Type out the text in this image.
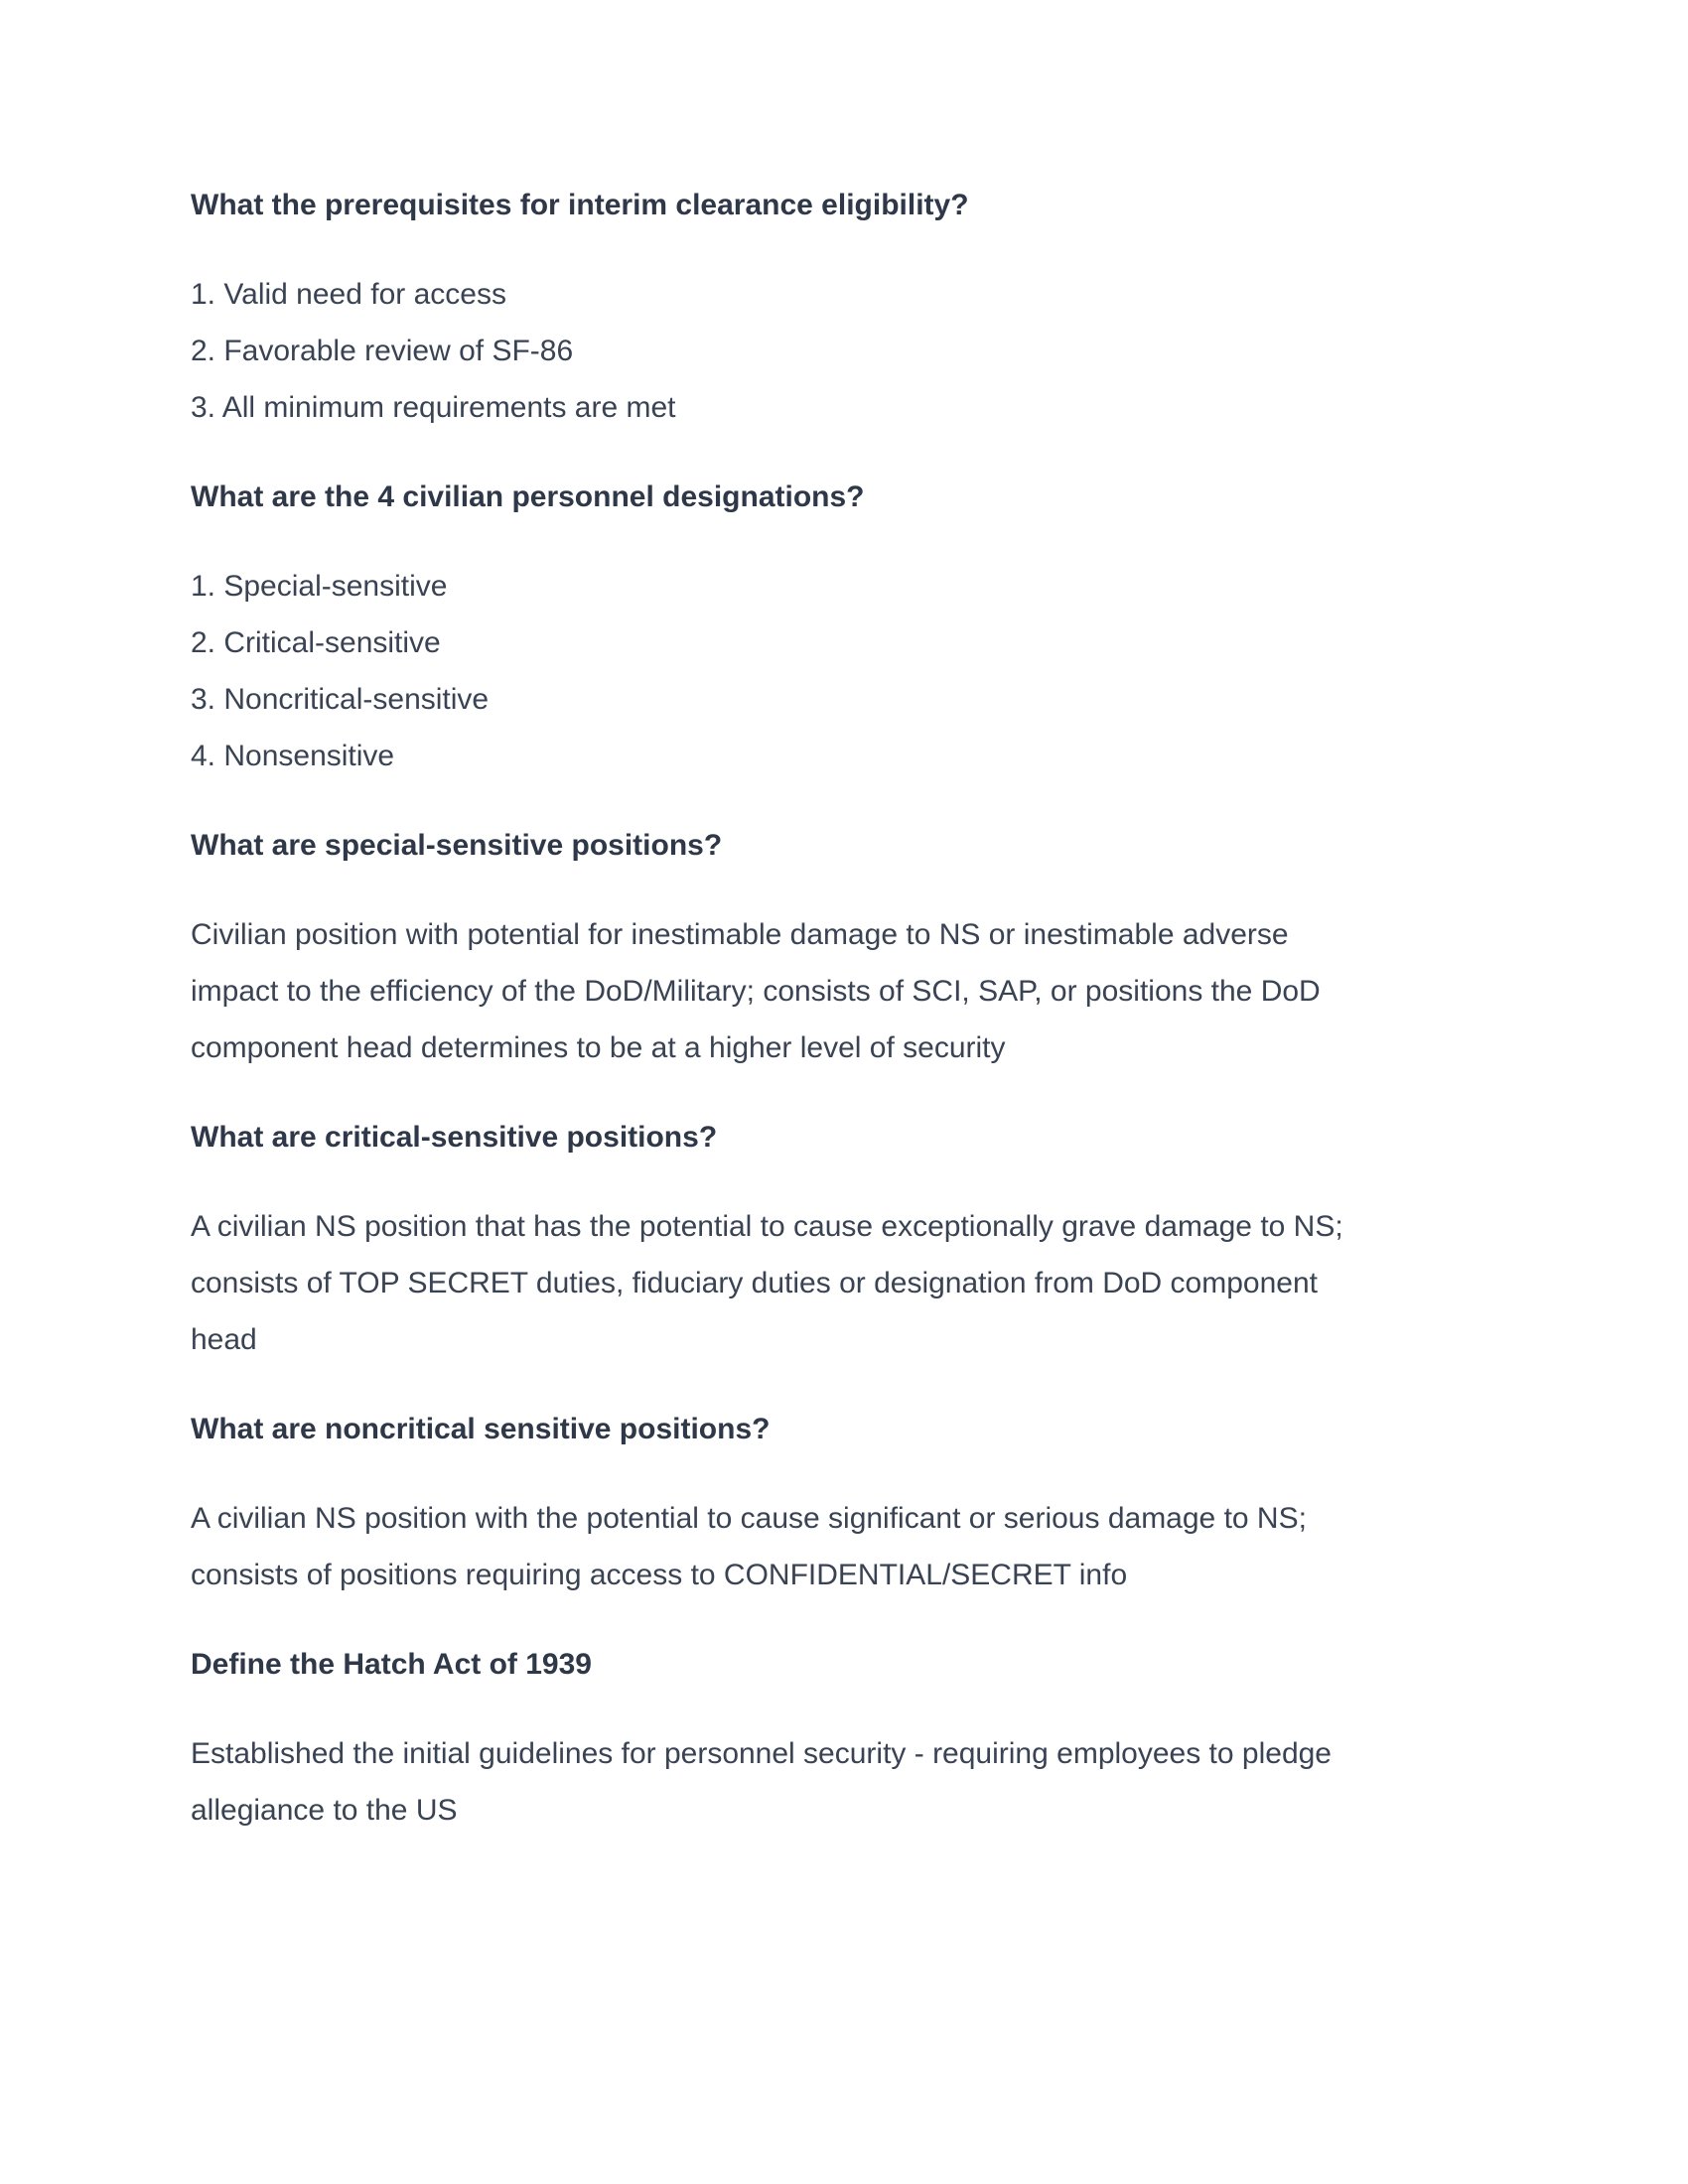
What the prerequisites for interim clearance eligibility?
1. Valid need for access
2. Favorable review of SF-86
3. All minimum requirements are met
What are the 4 civilian personnel designations?
1. Special-sensitive
2. Critical-sensitive
3. Noncritical-sensitive
4. Nonsensitive
What are special-sensitive positions?
Civilian position with potential for inestimable damage to NS or inestimable adverse
impact to the efficiency of the DoD/Military; consists of SCI, SAP, or positions the DoD
component head determines to be at a higher level of security
What are critical-sensitive positions?
A civilian NS position that has the potential to cause exceptionally grave damage to NS;
consists of TOP SECRET duties, fiduciary duties or designation from DoD component
head
What are noncritical sensitive positions?
A civilian NS position with the potential to cause significant or serious damage to NS;
consists of positions requiring access to CONFIDENTIAL/SECRET info
Define the Hatch Act of 1939
Established the initial guidelines for personnel security - requiring employees to pledge
allegiance to the US
